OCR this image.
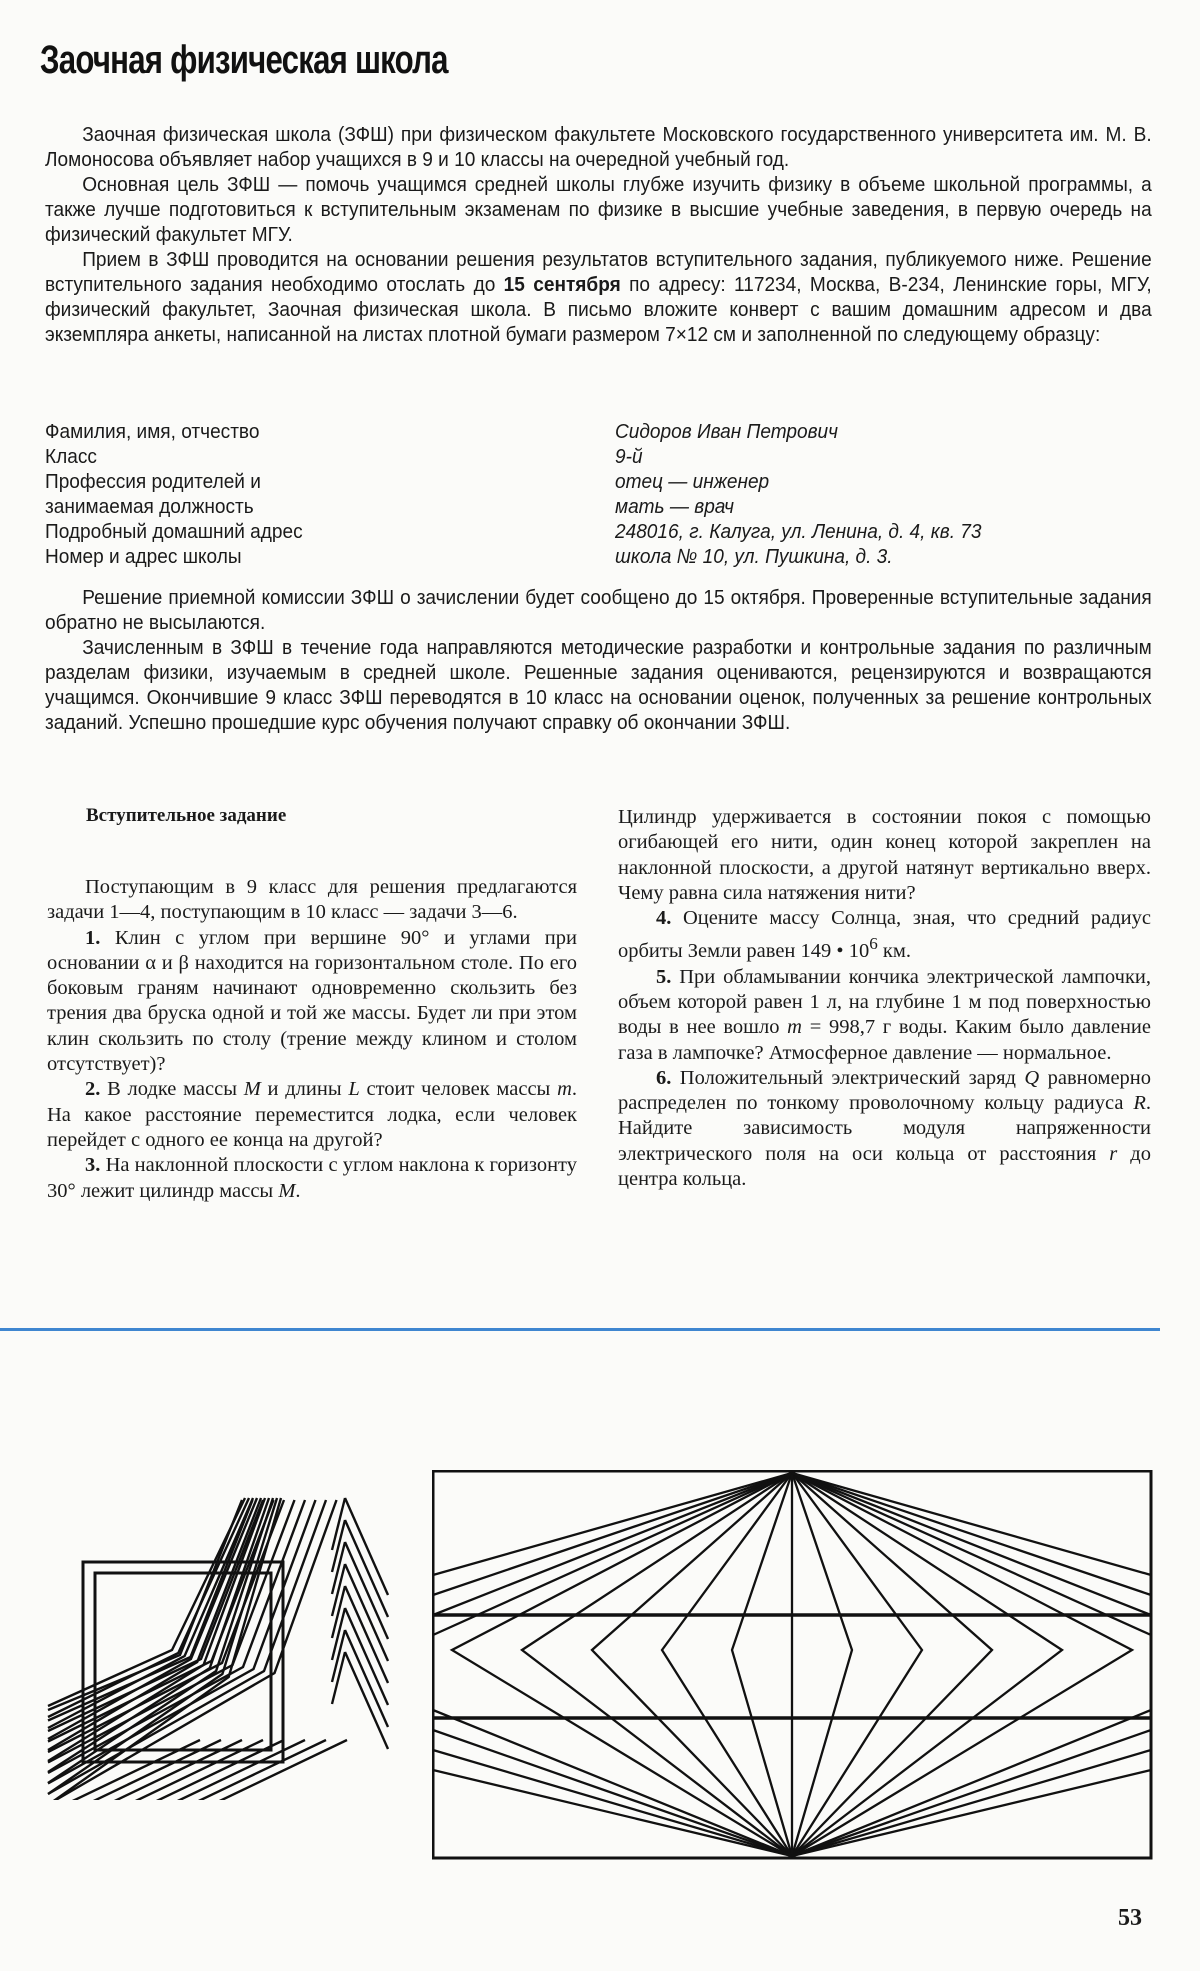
Заочная физическая школа

Заочная физическая школа (ЗФШ) при физическом факультете Московского государственного университета им. М. В. Ломоносова объявляет набор учащихся в 9 и 10 классы на очередной учебный год.

Основная цель ЗФШ — помочь учащимся средней школы глубже изучить физику в объеме школьной программы, а также лучше подготовиться к вступительным экзаменам по физике в высшие учебные заведения, в первую очередь на физический факультет МГУ.

Прием в ЗФШ проводится на основании решения результатов вступительного задания, публикуемого ниже. Решение вступительного задания необходимо отослать до 15 сентября по адресу: 117234, Москва, В-234, Ленинские горы, МГУ, физический факультет, Заочная физическая школа. В письмо вложите конверт с вашим домашним адресом и два экземпляра анкеты, написанной на листах плотной бумаги размером 7×12 см и заполненной по следующему образцу:

Фамилия, имя, отчество	Сидоров Иван Петрович
Класс	9-й
Профессия родителей и	отец — инженер
занимаемая должность	мать — врач
Подробный домашний адрес	248016, г. Калуга, ул. Ленина, д. 4, кв. 73
Номер и адрес школы	школа № 10, ул. Пушкина, д. 3.

Решение приемной комиссии ЗФШ о зачислении будет сообщено до 15 октября. Проверенные вступительные задания обратно не высылаются.

Зачисленным в ЗФШ в течение года направляются методические разработки и контрольные задания по различным разделам физики, изучаемым в средней школе. Решенные задания оцениваются, рецензируются и возвращаются учащимся. Окончившие 9 класс ЗФШ переводятся в 10 класс на основании оценок, полученных за решение контрольных заданий. Успешно прошедшие курс обучения получают справку об окончании ЗФШ.

Вступительное задание

Поступающим в 9 класс для решения предлагаются задачи 1—4, поступающим в 10 класс — задачи 3—6.

1. Клин с углом при вершине 90° и углами при основании α и β находится на горизонтальном столе. По его боковым граням начинают одновременно скользить без трения два бруска одной и той же массы. Будет ли при этом клин скользить по столу (трение между клином и столом отсутствует)?

2. В лодке массы M и длины L стоит человек массы m. На какое расстояние переместится лодка, если человек перейдет с одного ее конца на другой?

3. На наклонной плоскости с углом наклона к горизонту 30° лежит цилиндр массы M.

Цилиндр удерживается в состоянии покоя с помощью огибающей его нити, один конец которой закреплен на наклонной плоскости, а другой натянут вертикально вверх. Чему равна сила натяжения нити?

4. Оцените массу Солнца, зная, что средний радиус орбиты Земли равен 149 • $10^6$ км.

5. При обламывании кончика электрической лампочки, объем которой равен 1 л, на глубине 1 м под поверхностью воды в нее вошло m = 998,7 г воды. Каким было давление газа в лампочке? Атмосферное давление — нормальное.

6. Положительный электрический заряд Q равномерно распределен по тонкому проволочному кольцу радиуса R. Найдите зависимость модуля напряженности электрического поля на оси кольца от расстояния r до центра кольца.

53
